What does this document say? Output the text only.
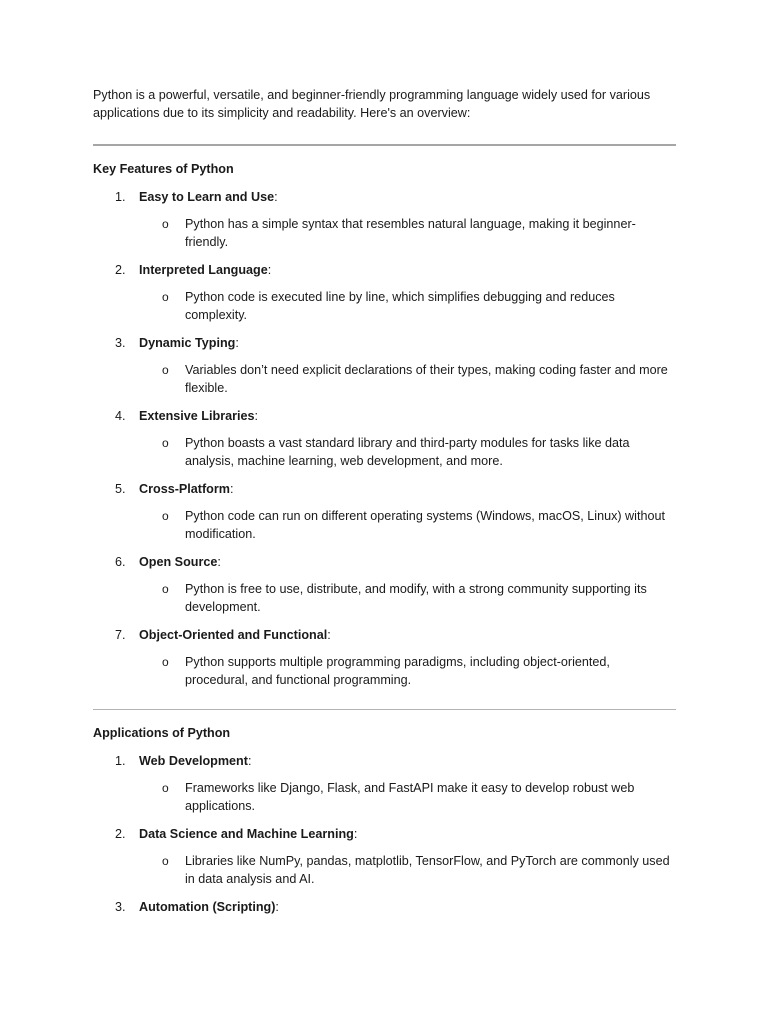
Python is a powerful, versatile, and beginner-friendly programming language widely used for various applications due to its simplicity and readability. Here's an overview:

Key Features of Python

1. Easy to Learn and Use:
o Python has a simple syntax that resembles natural language, making it beginner-friendly.
2. Interpreted Language:
o Python code is executed line by line, which simplifies debugging and reduces complexity.
3. Dynamic Typing:
o Variables don’t need explicit declarations of their types, making coding faster and more flexible.
4. Extensive Libraries:
o Python boasts a vast standard library and third-party modules for tasks like data analysis, machine learning, web development, and more.
5. Cross-Platform:
o Python code can run on different operating systems (Windows, macOS, Linux) without modification.
6. Open Source:
o Python is free to use, distribute, and modify, with a strong community supporting its development.
7. Object-Oriented and Functional:
o Python supports multiple programming paradigms, including object-oriented, procedural, and functional programming.

Applications of Python

1. Web Development:
o Frameworks like Django, Flask, and FastAPI make it easy to develop robust web applications.
2. Data Science and Machine Learning:
o Libraries like NumPy, pandas, matplotlib, TensorFlow, and PyTorch are commonly used in data analysis and AI.
3. Automation (Scripting):
